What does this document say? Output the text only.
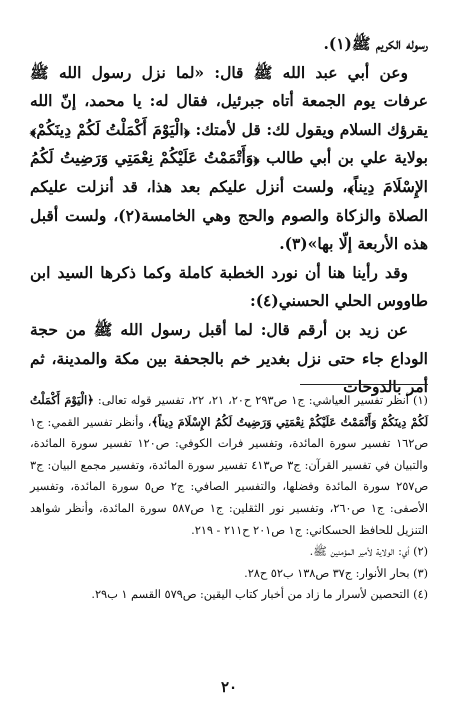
رسوله الكريم ﷺ(١).

وعن أبي عبد الله ﷺ قال: «لما نزل رسول الله ﷺ عرفات يوم الجمعة أتاه جبرئيل، فقال له: يا محمد، إنّ الله يقرؤك السلام ويقول لك: قل لأمتك: ﴿الْيَوْمَ أَكْمَلْتُ لَكُمْ دِينَكُمْ﴾ بولاية علي بن أبي طالب ﴿وَأَتْمَمْتُ عَلَيْكُمْ نِعْمَتِي وَرَضِيتُ لَكُمُ الإِسْلَامَ دِيناً﴾، ولست أنزل عليكم بعد هذا، قد أنزلت عليكم الصلاة والزكاة والصوم والحج وهي الخامسة(٢)، ولست أقبل هذه الأربعة إلّا بها»(٣).

وقد رأينا هنا أن نورد الخطبة كاملة وكما ذكرها السيد ابن طاووس الحلي الحسني(٤):

عن زيد بن أرقم قال: لما أقبل رسول الله ﷺ من حجة الوداع جاء حتى نزل بغدير خم بالجحفة بين مكة والمدينة، ثم أمر بالدوحات

(١) أنظر تفسير العياشي: ج١ ص٢٩٣ ح٢٠، ٢١، ٢٢، تفسير قوله تعالى: ﴿الْيَوْمَ أَكْمَلْتُ لَكُمْ دِينَكُمْ وَأَتْمَمْتُ عَلَيْكُمْ نِعْمَتِي وَرَضِيتُ لَكُمُ الإِسْلَامَ دِيناً﴾، وأنظر تفسير القمي: ج١ ص١٦٢ تفسير سورة المائدة، وتفسير فرات الكوفي: ص١٢٠ تفسير سورة المائدة، والتبيان في تفسير القرآن: ج٣ ص٤١٣ تفسير سورة المائدة، وتفسير مجمع البيان: ج٣ ص٢٥٧ سورة المائدة وفضلها، والتفسير الصافي: ج٢ ص٥ سورة المائدة، وتفسير الأصفى: ج١ ص٢٦٠، وتفسير نور الثقلين: ج١ ص٥٨٧ سورة المائدة، وأنظر شواهد التنزيل للحافظ الحسكاني: ج١ ص٢٠١ ح٢١١ - ٢١٩.

(٢) أي: الولاية لأمير المؤمنين ﷺ.

(٣) بحار الأنوار: ج٣٧ ص١٣٨ ب٥٢ ح٢٨.

(٤) التحصين لأسرار ما زاد من أخبار كتاب اليقين: ص٥٧٩ القسم ١ ب٢٩.

٢٠
